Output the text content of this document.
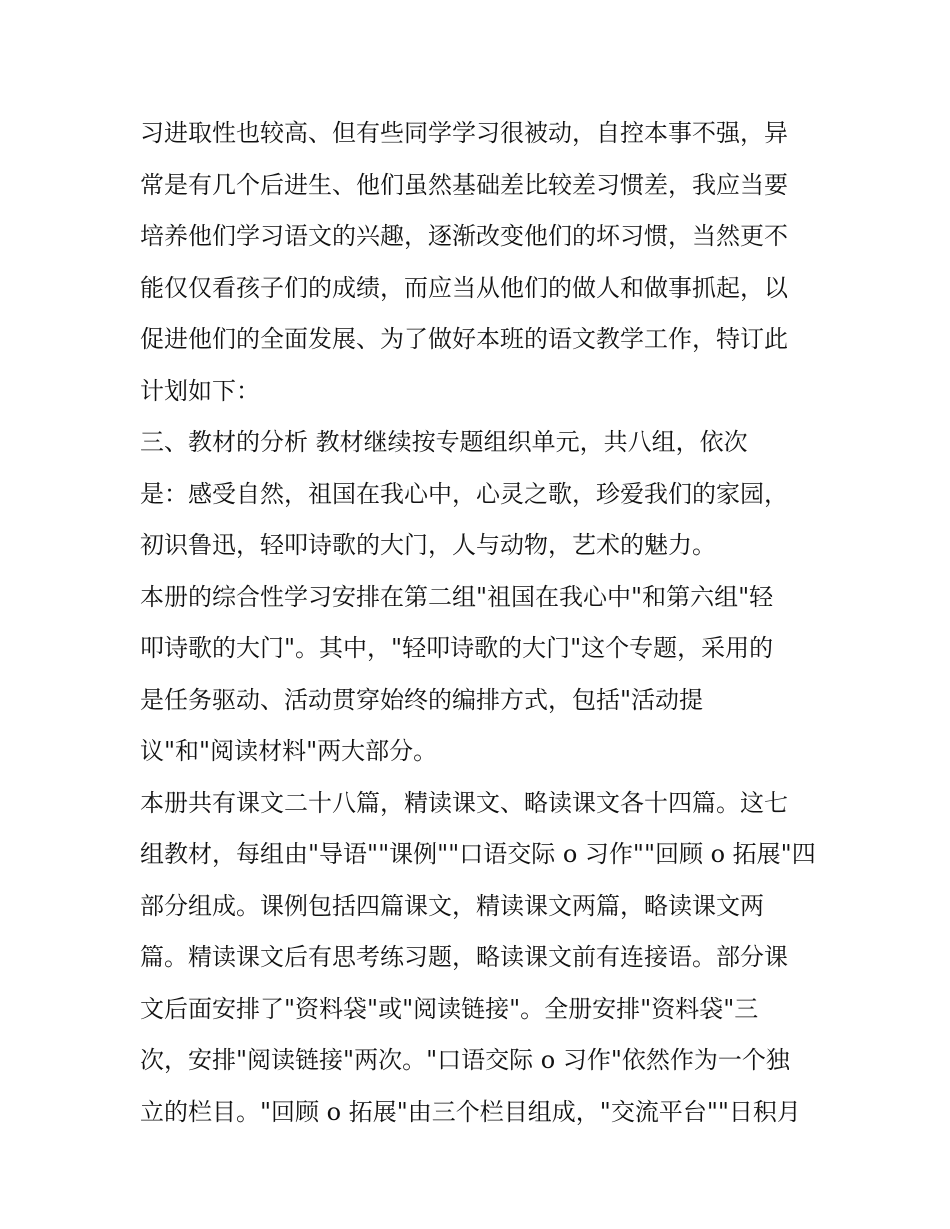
习进取性也较高、但有些同学学习很被动，自控本事不强，异
常是有几个后进生、他们虽然基础差比较差习惯差，我应当要
培养他们学习语文的兴趣，逐渐改变他们的坏习惯，当然更不
能仅仅看孩子们的成绩，而应当从他们的做人和做事抓起，以
促进他们的全面发展、为了做好本班的语文教学工作，特订此
计划如下：
三、教材的分析 教材继续按专题组织单元，共八组，依次
是：感受自然，祖国在我心中，心灵之歌，珍爱我们的家园，
初识鲁迅，轻叩诗歌的大门，人与动物，艺术的魅力。
本册的综合性学习安排在第二组"祖国在我心中"和第六组"轻
叩诗歌的大门"。其中，"轻叩诗歌的大门"这个专题，采用的
是任务驱动、活动贯穿始终的编排方式，包括"活动提
议"和"阅读材料"两大部分。
本册共有课文二十八篇，精读课文、略读课文各十四篇。这七
组教材，每组由"导语""课例""口语交际 o 习作""回顾 o 拓展"四
部分组成。课例包括四篇课文，精读课文两篇，略读课文两
篇。精读课文后有思考练习题，略读课文前有连接语。部分课
文后面安排了"资料袋"或"阅读链接"。全册安排"资料袋"三
次，安排"阅读链接"两次。"口语交际 o 习作"依然作为一个独
立的栏目。"回顾 o 拓展"由三个栏目组成，"交流平台""日积月
